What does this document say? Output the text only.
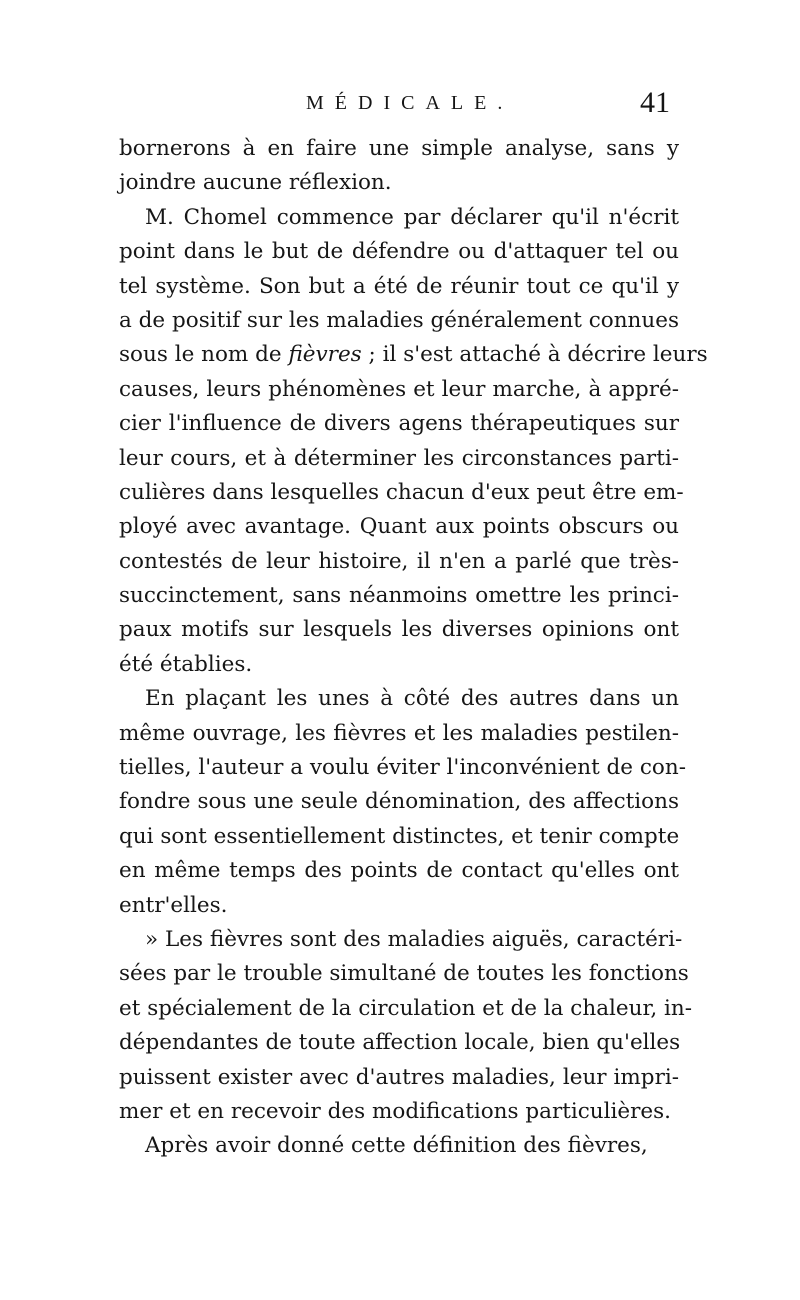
MÉDICALE.	41
bornerons à en faire une simple analyse, sans y
joindre aucune réflexion.
M. Chomel commence par déclarer qu'il n'écrit
point dans le but de défendre ou d'attaquer tel ou
tel système. Son but a été de réunir tout ce qu'il y
a de positif sur les maladies généralement connues
sous le nom de fièvres ; il s'est attaché à décrire leurs
causes, leurs phénomènes et leur marche, à appré-
cier l'influence de divers agens thérapeutiques sur
leur cours, et à déterminer les circonstances parti-
culières dans lesquelles chacun d'eux peut être em-
ployé avec avantage. Quant aux points obscurs ou
contestés de leur histoire, il n'en a parlé que très-
succinctement, sans néanmoins omettre les princi-
paux motifs sur lesquels les diverses opinions ont
été établies.
En plaçant les unes à côté des autres dans un
même ouvrage, les fièvres et les maladies pestilen-
tielles, l'auteur a voulu éviter l'inconvénient de con-
fondre sous une seule dénomination, des affections
qui sont essentiellement distinctes, et tenir compte
en même temps des points de contact qu'elles ont
entr'elles.
» Les fièvres sont des maladies aiguës, caractéri-
sées par le trouble simultané de toutes les fonctions
et spécialement de la circulation et de la chaleur, in-
dépendantes de toute affection locale, bien qu'elles
puissent exister avec d'autres maladies, leur impri-
mer et en recevoir des modifications particulières.
Après avoir donné cette définition des fièvres,
